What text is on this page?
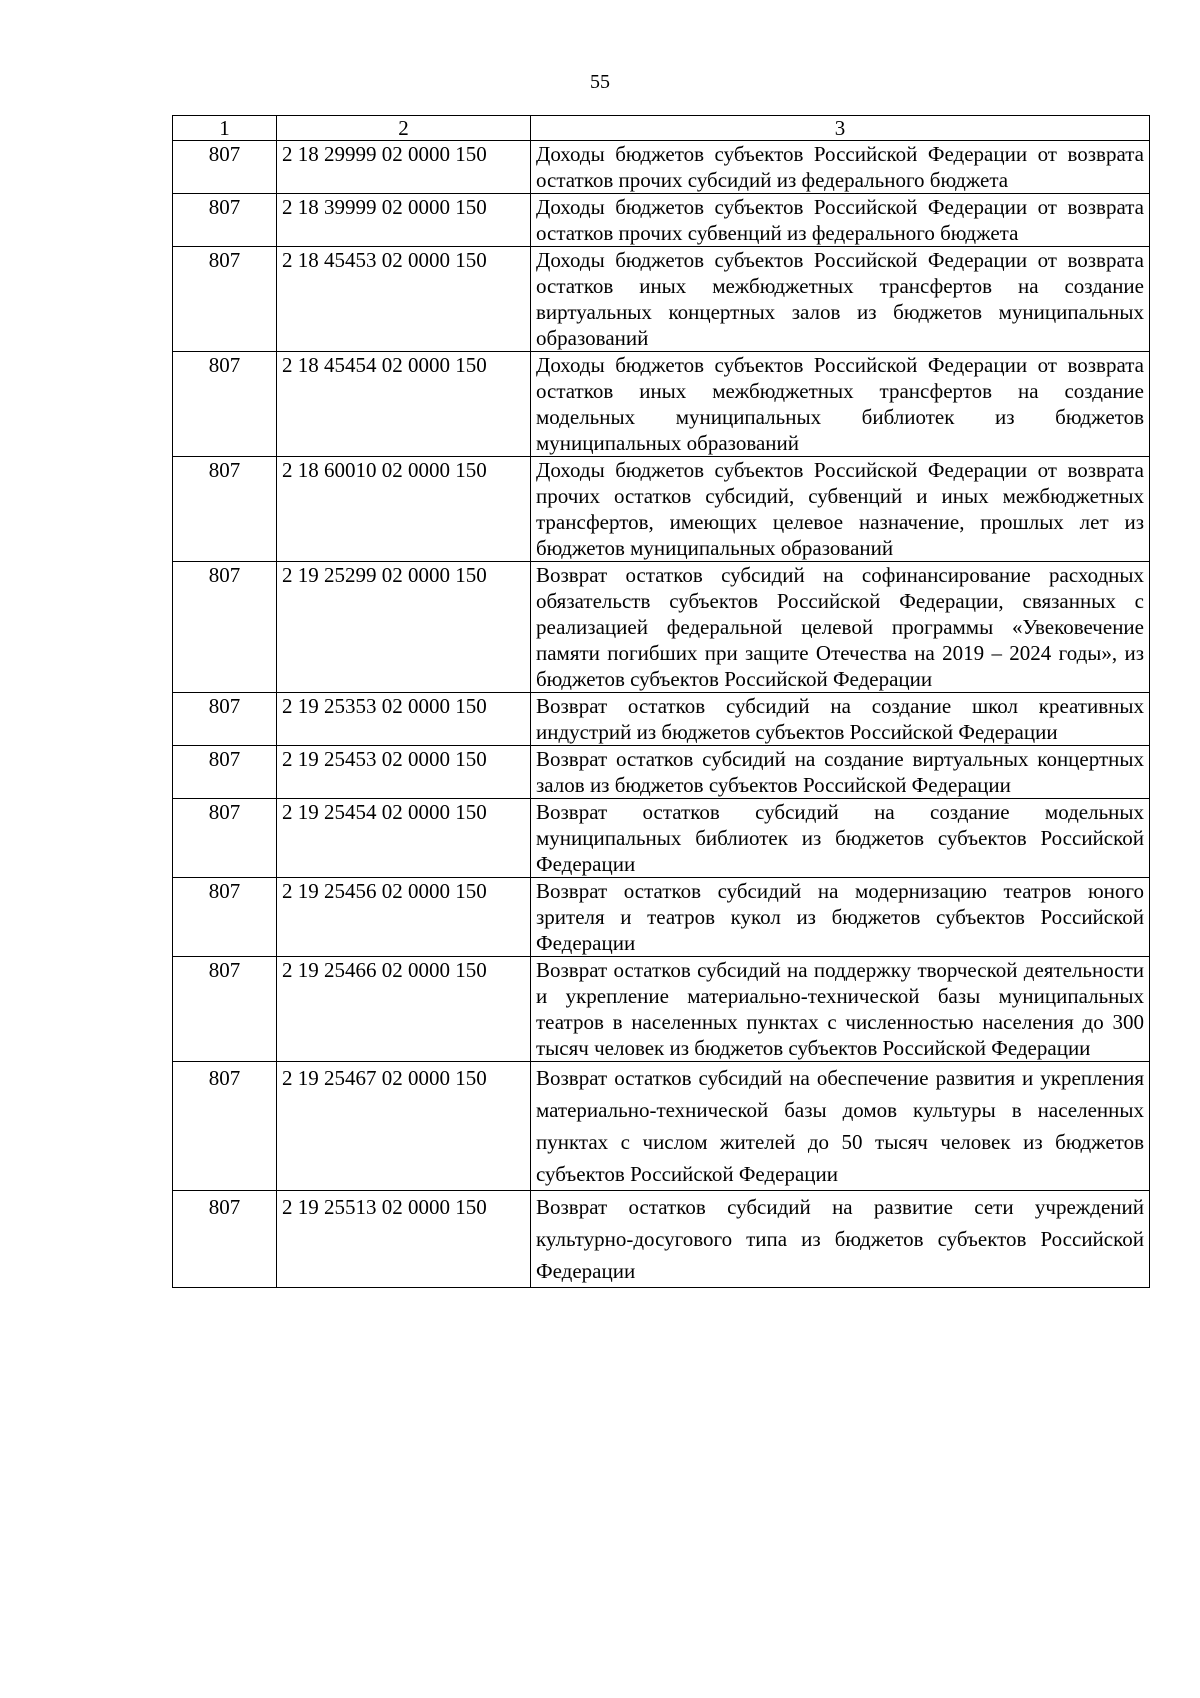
55
1	2	3
807	2 18 29999 02 0000 150	Доходы бюджетов субъектов Российской Федерации от возврата остатков прочих субсидий из федерального бюджета
807	2 18 39999 02 0000 150	Доходы бюджетов субъектов Российской Федерации от возврата остатков прочих субвенций из федерального бюджета
807	2 18 45453 02 0000 150	Доходы бюджетов субъектов Российской Федерации от возврата остатков иных межбюджетных трансфертов на создание виртуальных концертных залов из бюджетов муниципальных образований
807	2 18 45454 02 0000 150	Доходы бюджетов субъектов Российской Федерации от возврата остатков иных межбюджетных трансфертов на создание модельных муниципальных библиотек из бюджетов муниципальных образований
807	2 18 60010 02 0000 150	Доходы бюджетов субъектов Российской Федерации от возврата прочих остатков субсидий, субвенций и иных межбюджетных трансфертов, имеющих целевое назначение, прошлых лет из бюджетов муниципальных образований
807	2 19 25299 02 0000 150	Возврат остатков субсидий на софинансирование расходных обязательств субъектов Российской Федерации, связанных с реализацией федеральной целевой программы «Увековечение памяти погибших при защите Отечества на 2019 – 2024 годы», из бюджетов субъектов Российской Федерации
807	2 19 25353 02 0000 150	Возврат остатков субсидий на создание школ креативных индустрий из бюджетов субъектов Российской Федерации
807	2 19 25453 02 0000 150	Возврат остатков субсидий на создание виртуальных концертных залов из бюджетов субъектов Российской Федерации
807	2 19 25454 02 0000 150	Возврат остатков субсидий на создание модельных муниципальных библиотек из бюджетов субъектов Российской Федерации
807	2 19 25456 02 0000 150	Возврат остатков субсидий на модернизацию театров юного зрителя и театров кукол из бюджетов субъектов Российской Федерации
807	2 19 25466 02 0000 150	Возврат остатков субсидий на поддержку творческой деятельности и укрепление материально-технической базы муниципальных театров в населенных пунктах с численностью населения до 300 тысяч человек из бюджетов субъектов Российской Федерации
807	2 19 25467 02 0000 150	Возврат остатков субсидий на обеспечение развития и укрепления материально-технической базы домов культуры в населенных пунктах с числом жителей до 50 тысяч человек из бюджетов субъектов Российской Федерации
807	2 19 25513 02 0000 150	Возврат остатков субсидий на развитие сети учреждений культурно-досугового типа из бюджетов субъектов Российской Федерации
